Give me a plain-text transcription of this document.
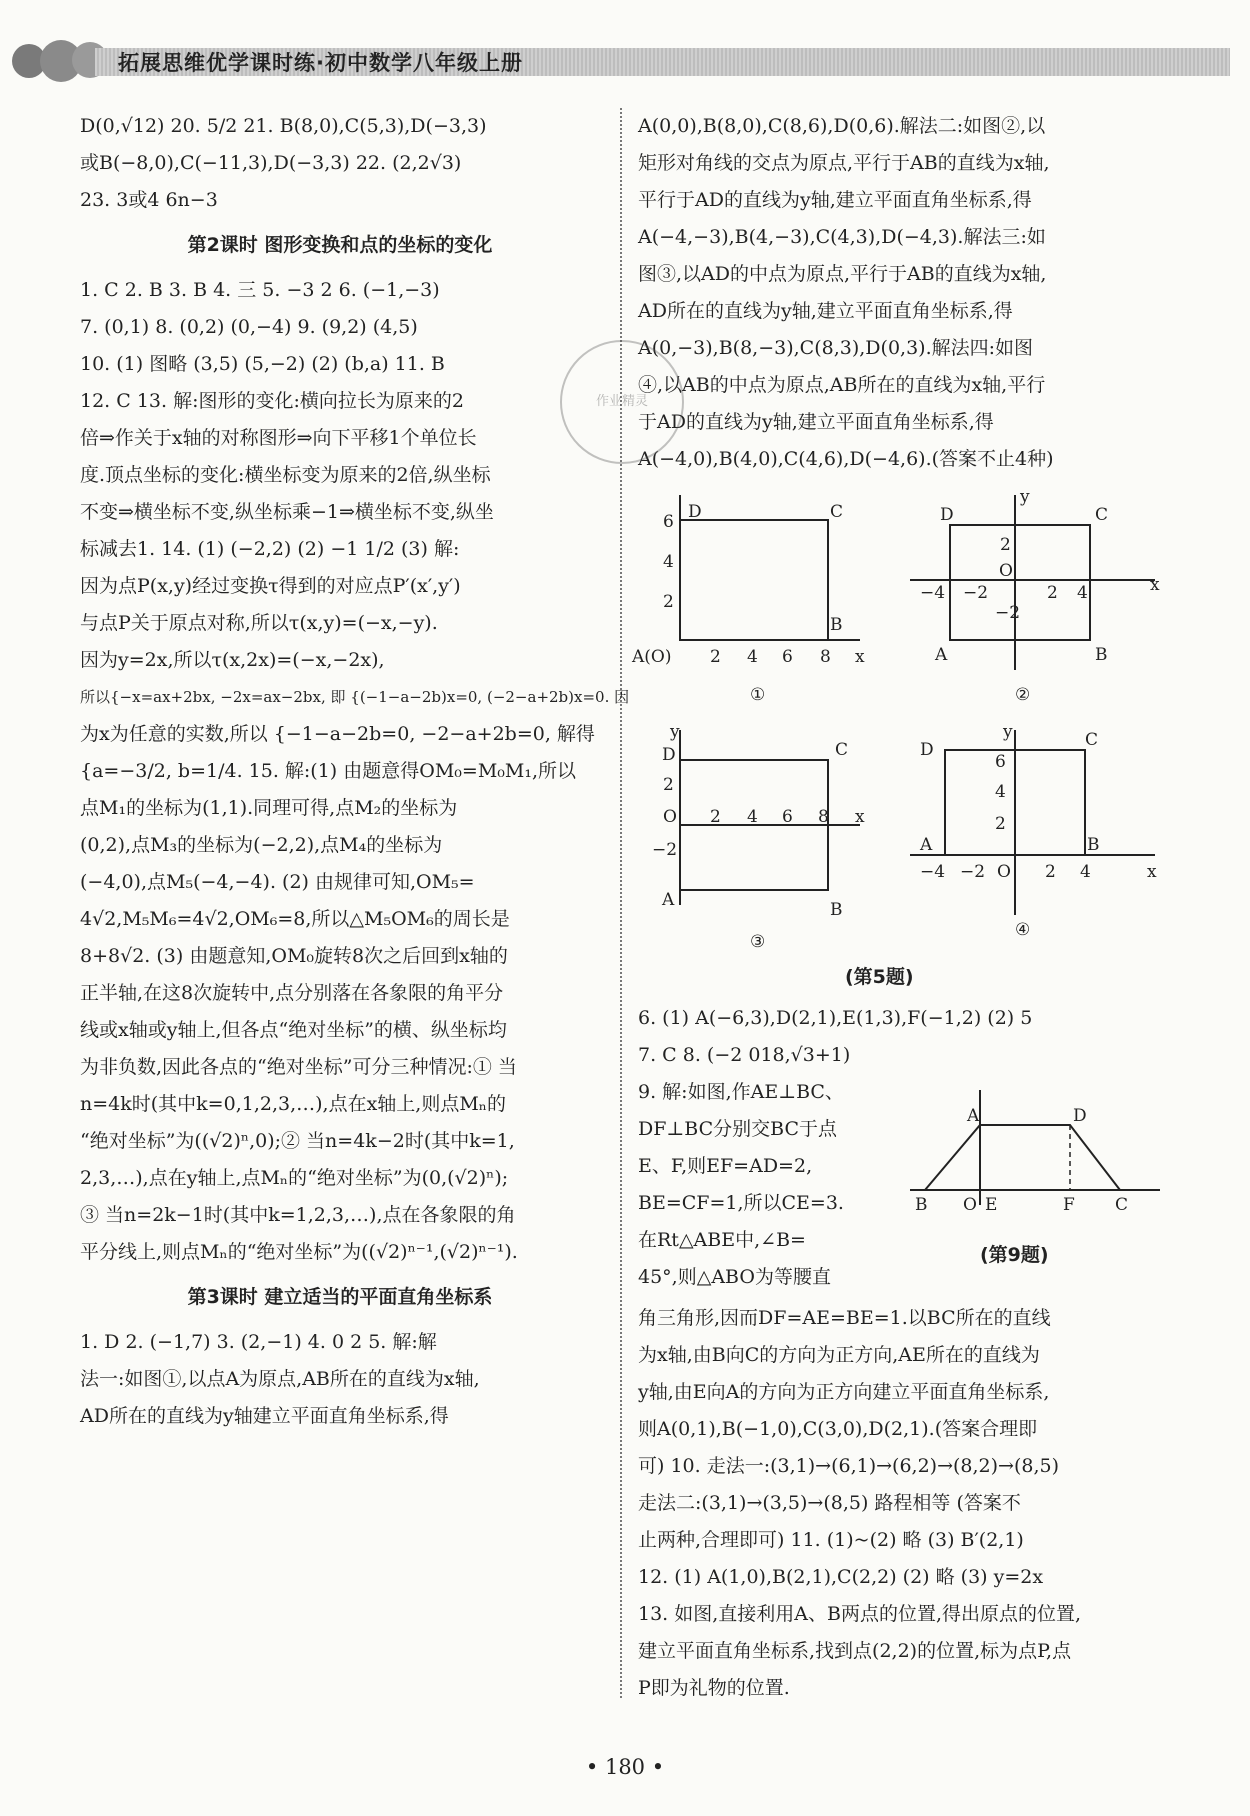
拓展思维优学课时练·初中数学八年级上册

D(0,√12) 20. 5/2 21. B(8,0),C(5,3),D(−3,3)

或B(−8,0),C(−11,3),D(−3,3) 22. (2,2√3)

23. 3或4 6n−3

第2课时 图形变换和点的坐标的变化

1. C 2. B 3. B 4. 三 5. −3 2 6. (−1,−3)

7. (0,1) 8. (0,2) (0,−4) 9. (9,2) (4,5)

10. (1) 图略 (3,5) (5,−2) (2) (b,a) 11. B

12. C 13. 解:图形的变化:横向拉长为原来的2

倍⇒作关于x轴的对称图形⇒向下平移1个单位长

度.顶点坐标的变化:横坐标变为原来的2倍,纵坐标

不变⇒横坐标不变,纵坐标乘−1⇒横坐标不变,纵坐

标减去1. 14. (1) (−2,2) (2) −1 1/2 (3) 解:

因为点P(x,y)经过变换τ得到的对应点P′(x′,y′)

与点P关于原点对称,所以τ(x,y)=(−x,−y).

因为y=2x,所以τ(x,2x)=(−x,−2x),

所以{−x=ax+2bx, −2x=ax−2bx, 即 {(−1−a−2b)x=0, (−2−a+2b)x=0. 因

为x为任意的实数,所以 {−1−a−2b=0, −2−a+2b=0, 解得

{a=−3/2, b=1/4. 15. 解:(1) 由题意得OM₀=M₀M₁,所以

点M₁的坐标为(1,1).同理可得,点M₂的坐标为

(0,2),点M₃的坐标为(−2,2),点M₄的坐标为

(−4,0),点M₅(−4,−4). (2) 由规律可知,OM₅=

4√2,M₅M₆=4√2,OM₆=8,所以△M₅OM₆的周长是

8+8√2. (3) 由题意知,OM₀旋转8次之后回到x轴的

正半轴,在这8次旋转中,点分别落在各象限的角平分

线或x轴或y轴上,但各点“绝对坐标”的横、纵坐标均

为非负数,因此各点的“绝对坐标”可分三种情况:① 当

n=4k时(其中k=0,1,2,3,…),点在x轴上,则点Mₙ的

“绝对坐标”为((√2)ⁿ,0);② 当n=4k−2时(其中k=1,

2,3,…),点在y轴上,点Mₙ的“绝对坐标”为(0,(√2)ⁿ);

③ 当n=2k−1时(其中k=1,2,3,…),点在各象限的角

平分线上,则点Mₙ的“绝对坐标”为((√2)ⁿ⁻¹,(√2)ⁿ⁻¹).

第3课时 建立适当的平面直角坐标系

1. D 2. (−1,7) 3. (2,−1) 4. 0 2 5. 解:解

法一:如图①,以点A为原点,AB所在的直线为x轴,

AD所在的直线为y轴建立平面直角坐标系,得

A(0,0),B(8,0),C(8,6),D(0,6).解法二:如图②,以

矩形对角线的交点为原点,平行于AB的直线为x轴,

平行于AD的直线为y轴,建立平面直角坐标系,得

A(−4,−3),B(4,−3),C(4,3),D(−4,3).解法三:如

图③,以AD的中点为原点,平行于AB的直线为x轴,

AD所在的直线为y轴,建立平面直角坐标系,得

A(0,−3),B(8,−3),C(8,3),D(0,3).解法四:如图

④,以AB的中点为原点,AB所在的直线为x轴,平行

于AD的直线为y轴,建立平面直角坐标系,得

A(−4,0),B(4,0),C(4,6),D(−4,6).(答案不止4种)

作业精灵
D	C
A(O)
B
2 4 6 8 x
6
4
2
①
D	C
A	B
−4 −2
O
2 4
2
−2
x
y
②
D	C
A	B
O 2 4 6 8
2
−2
x
y
③
D	C
A	B
−4 −2 O 2 4
6
4
2
x
y
④
(第5题)

6. (1) A(−6,3),D(2,1),E(1,3),F(−1,2) (2) 5

7. C 8. (−2 018,√3+1)

9. 解:如图,作AE⊥BC、

DF⊥BC分别交BC于点

E、F,则EF=AD=2,

BE=CF=1,所以CE=3.

在Rt△ABE中,∠B=

45°,则△ABO为等腰直

A	D
B O E	F C
(第9题)

角三角形,因而DF=AE=BE=1.以BC所在的直线

为x轴,由B向C的方向为正方向,AE所在的直线为

y轴,由E向A的方向为正方向建立平面直角坐标系,

则A(0,1),B(−1,0),C(3,0),D(2,1).(答案合理即

可) 10. 走法一:(3,1)→(6,1)→(6,2)→(8,2)→(8,5)

走法二:(3,1)→(3,5)→(8,5) 路程相等 (答案不

止两种,合理即可) 11. (1)~(2) 略 (3) B′(2,1)

12. (1) A(1,0),B(2,1),C(2,2) (2) 略 (3) y=2x

13. 如图,直接利用A、B两点的位置,得出原点的位置,

建立平面直角坐标系,找到点(2,2)的位置,标为点P,点

P即为礼物的位置.

• 180 •
